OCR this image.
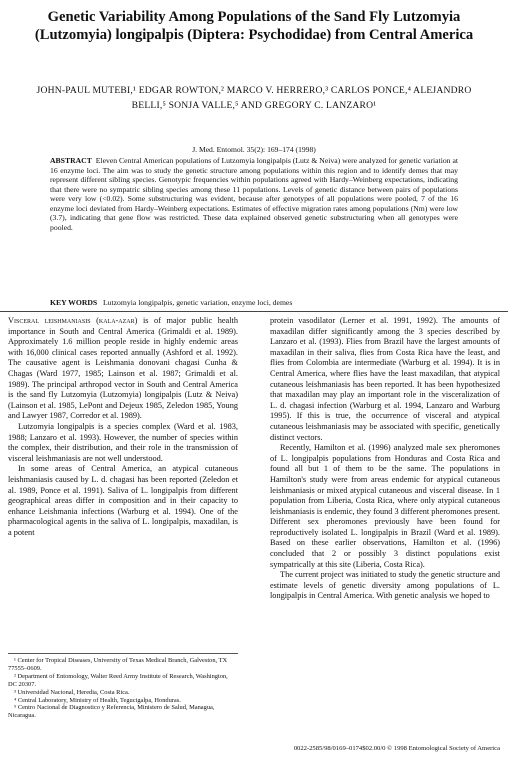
Genetic Variability Among Populations of the Sand Fly Lutzomyia (Lutzomyia) longipalpis (Diptera: Psychodidae) from Central America
JOHN-PAUL MUTEBI,¹ EDGAR ROWTON,² MARCO V. HERRERO,³ CARLOS PONCE,⁴ ALEJANDRO BELLI,⁵ SONJA VALLE,⁵ AND GREGORY C. LANZARO¹
J. Med. Entomol. 35(2): 169–174 (1998)
ABSTRACT Eleven Central American populations of Lutzomyia longipalpis (Lutz & Neiva) were analyzed for genetic variation at 16 enzyme loci. The aim was to study the genetic structure among populations within this region and to identify demes that may represent different sibling species. Genotypic frequencies within populations agreed with Hardy–Weinberg expectations, indicating that there were no sympatric sibling species among these 11 populations. Levels of genetic distance between pairs of populations were very low (<0.02). Some substructuring was evident, because after genotypes of all populations were pooled, 7 of the 16 enzyme loci deviated from Hardy–Weinberg expectations. Estimates of effective migration rates among populations (Nm) were low (3.7), indicating that gene flow was restricted. These data explained observed genetic substructuring when all genotypes were pooled.
KEY WORDS Lutzomyia longipalpis, genetic variation, enzyme loci, demes

Visceral leishmaniasis (kala-azar) is of major public health importance in South and Central America (Grimaldi et al. 1989). Approximately 1.6 million people reside in highly endemic areas with 16,000 clinical cases reported annually (Ashford et al. 1992). The causative agent is Leishmania donovani chagasi Cunha & Chagas (Ward 1977, 1985; Lainson et al. 1987; Grimaldi et al. 1989). The principal arthropod vector in South and Central America is the sand fly Lutzomyia (Lutzomyia) longipalpis (Lutz & Neiva) (Lainson et al. 1985, LePont and Dejeux 1985, Zeledon 1985, Young and Lawyer 1987, Corredor et al. 1989).

Lutzomyia longipalpis is a species complex (Ward et al. 1983, 1988; Lanzaro et al. 1993). However, the number of species within the complex, their distribution, and their role in the transmission of visceral leishmaniasis are not well understood.

In some areas of Central America, an atypical cutaneous leishmaniasis caused by L. d. chagasi has been reported (Zeledon et al. 1989, Ponce et al. 1991). Saliva of L. longipalpis from different geographical areas differ in composition and in their capacity to enhance Leishmania infections (Warburg et al. 1994). One of the pharmacological agents in the saliva of L. longipalpis, maxadilan, is a potent

¹ Center for Tropical Diseases, University of Texas Medical Branch, Galveston, TX 77555–0609.
² Department of Entomology, Walter Reed Army Institute of Research, Washington, DC 20307.
³ Universidad Nacional, Heredia, Costa Rica.
⁴ Central Laboratory, Ministry of Health, Tegucigalpa, Honduras.
⁵ Centro Nacional de Diagnostico y Referencia, Ministero de Salud, Managua, Nicaragua.

protein vasodilator (Lerner et al. 1991, 1992). The amounts of maxadilan differ significantly among the 3 species described by Lanzaro et al. (1993). Flies from Brazil have the largest amounts of maxadilan in their saliva, flies from Costa Rica have the least, and flies from Colombia are intermediate (Warburg et al. 1994). It is in Central America, where flies have the least maxadilan, that atypical cutaneous leishmaniasis has been reported. It has been hypothesized that maxadilan may play an important role in the visceralization of L. d. chagasi infection (Warburg et al. 1994, Lanzaro and Warburg 1995). If this is true, the occurrence of visceral and atypical cutaneous leishmaniasis may be associated with specific, genetically distinct vectors.

Recently, Hamilton et al. (1996) analyzed male sex pheromones of L. longipalpis populations from Honduras and Costa Rica and found all but 1 of them to be the same. The populations in Hamilton's study were from areas endemic for atypical cutaneous leishmaniasis or mixed atypical cutaneous and visceral disease. In 1 population from Liberia, Costa Rica, where only atypical cutaneous leishmaniasis is endemic, they found 3 different pheromones present. Different sex pheromones previously have been found for reproductively isolated L. longipalpis in Brazil (Ward et al. 1989). Based on these earlier observations, Hamilton et al. (1996) concluded that 2 or possibly 3 distinct populations exist sympatrically at this site (Liberia, Costa Rica).

The current project was initiated to study the genetic structure and estimate levels of genetic diversity among populations of L. longipalpis in Central America. With genetic analysis we hoped to

0022-2585/98/0169–0174$02.00/0 © 1998 Entomological Society of America
